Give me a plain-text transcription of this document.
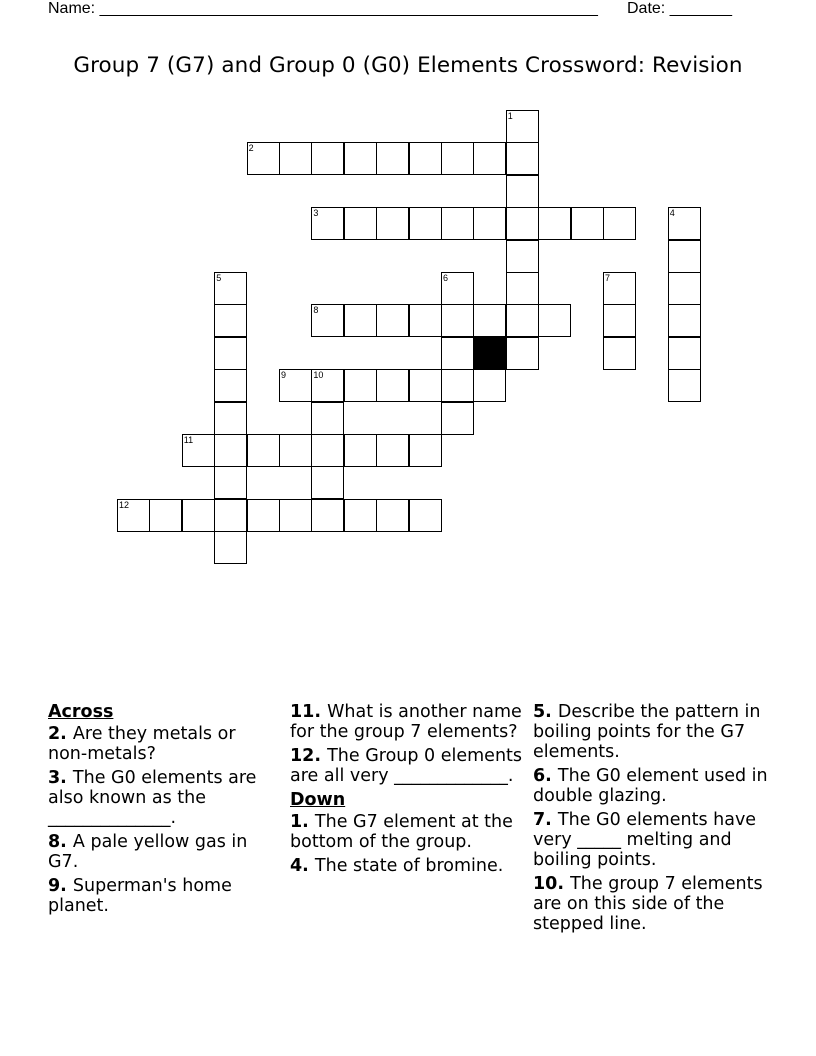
Name: ________________________________________________________ Date: _______
Group 7 (G7) and Group 0 (G0) Elements Crossword: Revision
1
2
3	4
5	6	7
8
9	10
11
12
Across
2. Are they metals or non-metals?
3. The G0 elements are also known as the ______________.
8. A pale yellow gas in G7.
9. Superman's home planet.
11. What is another name for the group 7 elements?
12. The Group 0 elements are all very _____________.
Down
1. The G7 element at the bottom of the group.
4. The state of bromine.
5. Describe the pattern in boiling points for the G7 elements.
6. The G0 element used in double glazing.
7. The G0 elements have very _____ melting and boiling points.
10. The group 7 elements are on this side of the stepped line.
